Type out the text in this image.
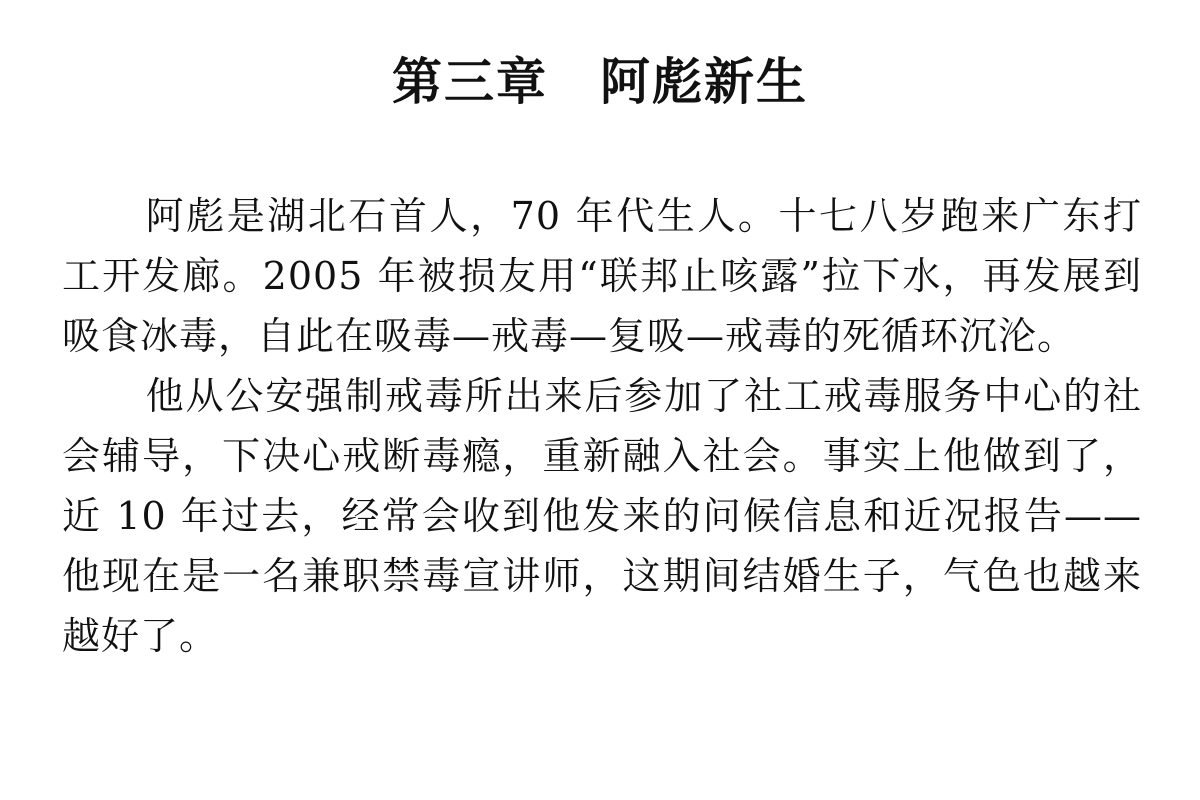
第三章　阿彪新生

阿彪是湖北石首人，70 年代生人。十七八岁跑来广东打工开发廊。2005 年被损友用“联邦止咳露”拉下水，再发展到吸食冰毒，自此在吸毒—戒毒—复吸—戒毒的死循环沉沦。

他从公安强制戒毒所出来后参加了社工戒毒服务中心的社会辅导，下决心戒断毒瘾，重新融入社会。事实上他做到了，近 10 年过去，经常会收到他发来的问候信息和近况报告——他现在是一名兼职禁毒宣讲师，这期间结婚生子，气色也越来越好了。
